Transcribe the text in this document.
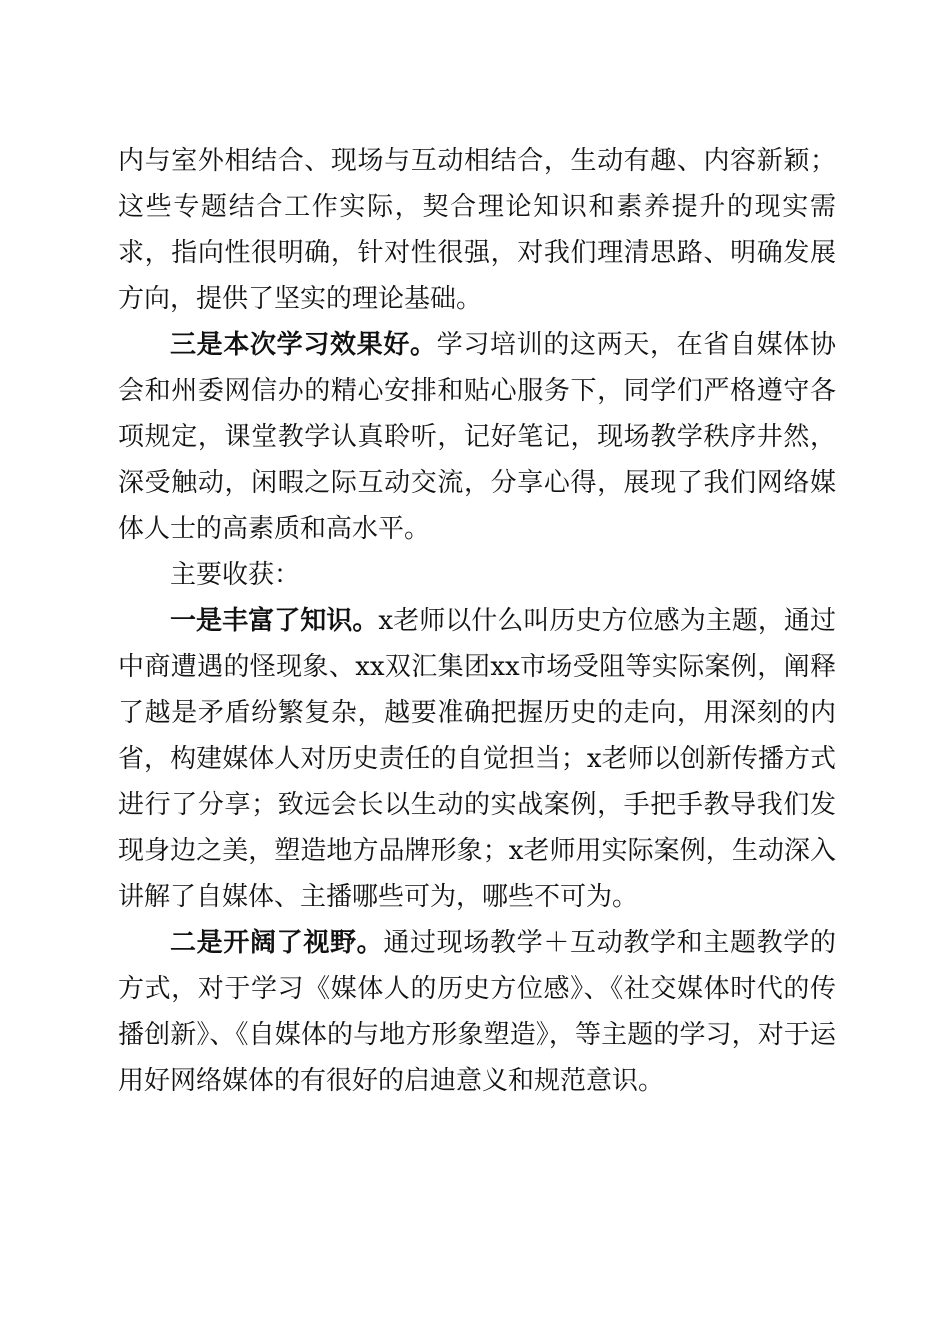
内与室外相结合、现场与互动相结合，生动有趣、内容新颖；这些专题结合工作实际，契合理论知识和素养提升的现实需求，指向性很明确，针对性很强，对我们理清思路、明确发展方向，提供了坚实的理论基础。

三是本次学习效果好。学习培训的这两天，在省自媒体协会和州委网信办的精心安排和贴心服务下，同学们严格遵守各项规定，课堂教学认真聆听，记好笔记，现场教学秩序井然，深受触动，闲暇之际互动交流，分享心得，展现了我们网络媒体人士的高素质和高水平。

主要收获：

一是丰富了知识。x老师以什么叫历史方位感为主题，通过中商遭遇的怪现象、xx双汇集团xx市场受阻等实际案例，阐释了越是矛盾纷繁复杂，越要准确把握历史的走向，用深刻的内省，构建媒体人对历史责任的自觉担当；x老师以创新传播方式进行了分享；致远会长以生动的实战案例，手把手教导我们发现身边之美，塑造地方品牌形象；x老师用实际案例，生动深入讲解了自媒体、主播哪些可为，哪些不可为。

二是开阔了视野。通过现场教学＋互动教学和主题教学的方式，对于学习《媒体人的历史方位感》、《社交媒体时代的传播创新》、《自媒体的与地方形象塑造》，等主题的学习，对于运用好网络媒体的有很好的启迪意义和规范意识。
